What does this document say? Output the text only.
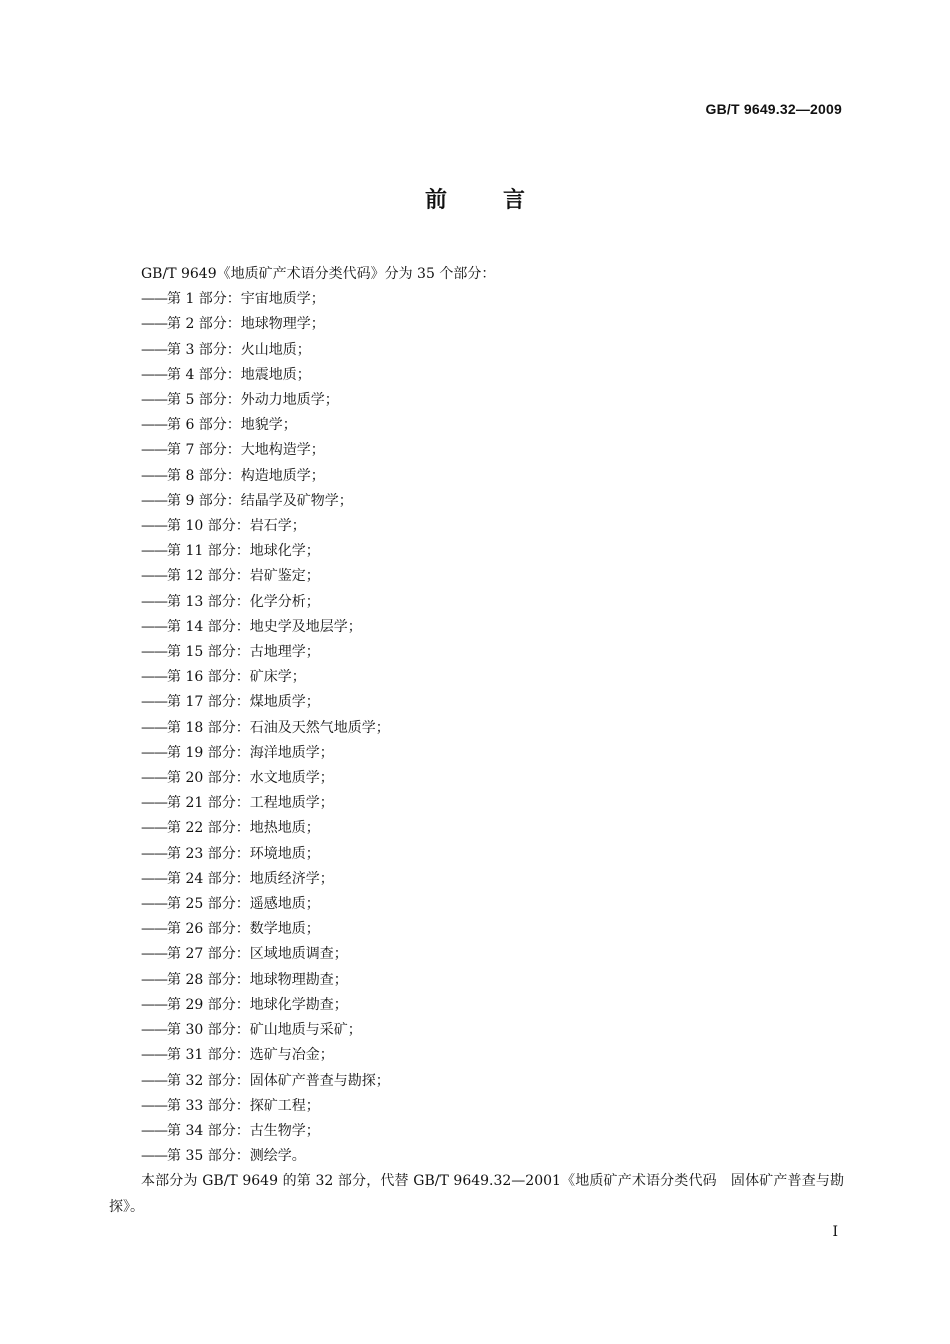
GB/T 9649.32—2009
前言

GB/T 9649《地质矿产术语分类代码》分为 35 个部分：

——第 1 部分：宇宙地质学；
——第 2 部分：地球物理学；
——第 3 部分：火山地质；
——第 4 部分：地震地质；
——第 5 部分：外动力地质学；
——第 6 部分：地貌学；
——第 7 部分：大地构造学；
——第 8 部分：构造地质学；
——第 9 部分：结晶学及矿物学；
——第 10 部分：岩石学；
——第 11 部分：地球化学；
——第 12 部分：岩矿鉴定；
——第 13 部分：化学分析；
——第 14 部分：地史学及地层学；
——第 15 部分：古地理学；
——第 16 部分：矿床学；
——第 17 部分：煤地质学；
——第 18 部分：石油及天然气地质学；
——第 19 部分：海洋地质学；
——第 20 部分：水文地质学；
——第 21 部分：工程地质学；
——第 22 部分：地热地质；
——第 23 部分：环境地质；
——第 24 部分：地质经济学；
——第 25 部分：遥感地质；
——第 26 部分：数学地质；
——第 27 部分：区域地质调查；
——第 28 部分：地球物理勘查；
——第 29 部分：地球化学勘查；
——第 30 部分：矿山地质与采矿；
——第 31 部分：选矿与冶金；
——第 32 部分：固体矿产普查与勘探；
——第 33 部分：探矿工程；
——第 34 部分：古生物学；
——第 35 部分：测绘学。

本部分为 GB/T 9649 的第 32 部分，代替 GB/T 9649.32—2001《地质矿产术语分类代码　固体矿产普查与勘探》。

I
